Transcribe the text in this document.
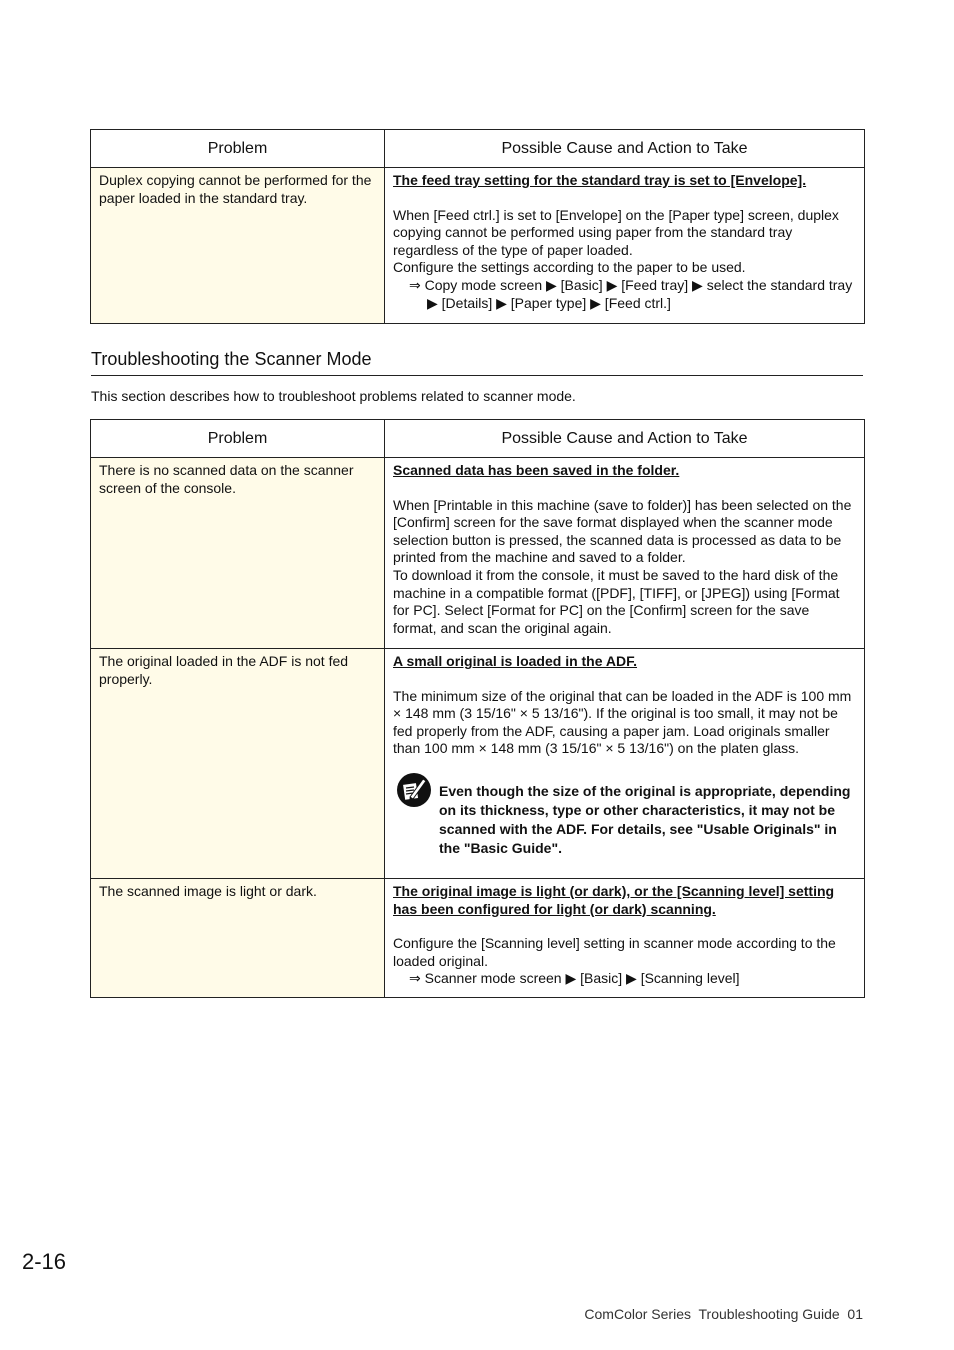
Problem	Possible Cause and Action to Take

Duplex copying cannot be performed for the paper loaded in the standard tray.	The feed tray setting for the standard tray is set to [Envelope].
When [Feed ctrl.] is set to [Envelope] on the [Paper type] screen, duplex copying cannot be performed using paper from the standard tray regardless of the type of paper loaded.
Configure the settings according to the paper to be used.
⇒ Copy mode screen ▶ [Basic] ▶ [Feed tray] ▶ select the standard tray ▶ [Details] ▶ [Paper type] ▶ [Feed ctrl.]
Troubleshooting the Scanner Mode
This section describes how to troubleshoot problems related to scanner mode.
Problem	Possible Cause and Action to Take

There is no scanned data on the scanner screen of the console.	Scanned data has been saved in the folder.
When [Printable in this machine (save to folder)] has been selected on the [Confirm] screen for the save format displayed when the scanner mode selection button is pressed, the scanned data is processed as data to be printed from the machine and saved to a folder.
To download it from the console, it must be saved to the hard disk of the machine in a compatible format ([PDF], [TIFF], or [JPEG]) using [Format for PC]. Select [Format for PC] on the [Confirm] screen for the save format, and scan the original again.

The original loaded in the ADF is not fed properly.	A small original is loaded in the ADF.
The minimum size of the original that can be loaded in the ADF is 100 mm × 148 mm (3 15/16" × 5 13/16"). If the original is too small, it may not be fed properly from the ADF, causing a paper jam. Load originals smaller than 100 mm × 148 mm (3 15/16" × 5 13/16") on the platen glass.
Even though the size of the original is appropriate, depending on its thickness, type or other characteristics, it may not be scanned with the ADF. For details, see "Usable Originals" in the "Basic Guide".

The scanned image is light or dark.	The original image is light (or dark), or the [Scanning level] setting has been configured for light (or dark) scanning.
Configure the [Scanning level] setting in scanner mode according to the loaded original.
⇒ Scanner mode screen ▶ [Basic] ▶ [Scanning level]
2-16
ComColor Series  Troubleshooting Guide  01
